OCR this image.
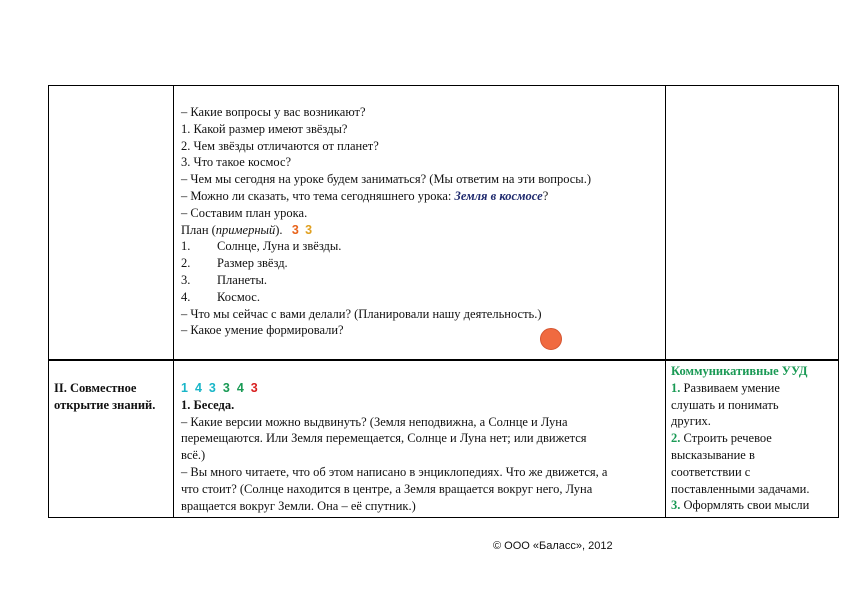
– Какие вопросы у вас возникают?

1. Какой размер имеют звёзды?

2. Чем звёзды отличаются от планет?

3. Что такое космос?

– Чем мы сегодня на уроке будем заниматься? (Мы ответим на эти вопросы.)

– Можно ли сказать, что тема сегодняшнего урока: Земля в космосе?

– Составим план урока.

План (примерный). 3 3

1. Солнце, Луна и звёзды.

2. Размер звёзд.

3. Планеты.

4. Космос.

– Что мы сейчас с вами делали? (Планировали нашу деятельность.)

– Какое умение формировали?

II. Совместное

открытие знаний.

1 4 3 3 4 3

1. Беседа.

– Какие версии можно выдвинуть? (Земля неподвижна, а Солнце и Луна

перемещаются. Или Земля перемещается, Солнце и Луна нет; или движется

всё.)

– Вы много читаете, что об этом написано в энциклопедиях. Что же движется, а

что стоит? (Солнце находится в центре, а Земля вращается вокруг него, Луна

вращается вокруг Земли. Она – её спутник.)

Коммуникативные УУД

1. Развиваем умение

слушать и понимать

других.

2. Строить речевое

высказывание в

соответствии с

поставленными задачами.

3. Оформлять свои мысли

© ООО «Баласс», 2012
